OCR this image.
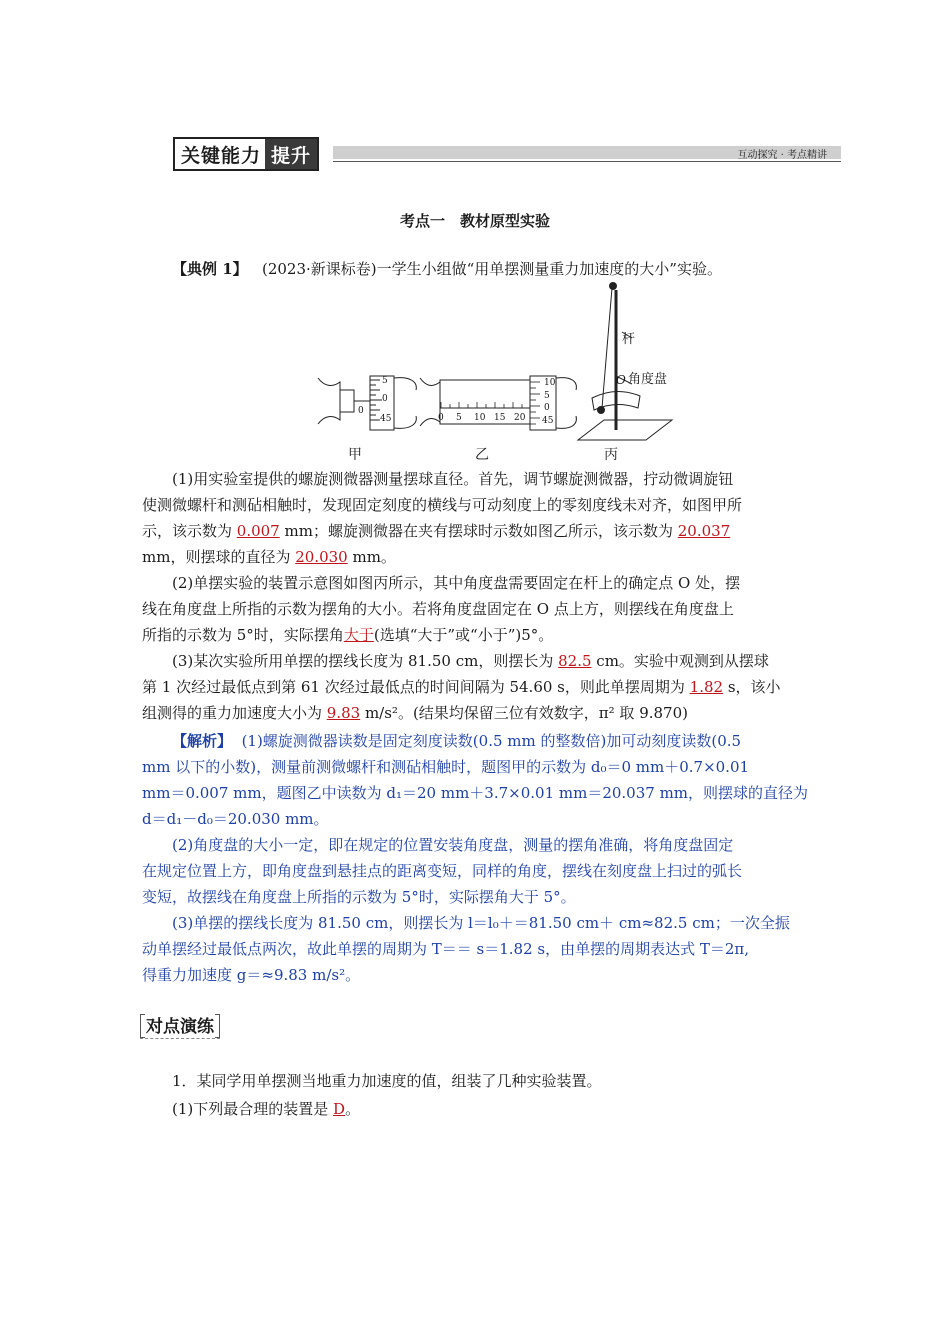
关键能力 提升	互动探究 · 考点精讲
考点一　教材原型实验
【典例 1】 (2023·新课标卷)一学生小组做“用单摆测量重力加速度的大小”实验。
甲	乙	丙
杆
O 角度盘
5
0
45
0
0 5 10 15 20
10
5
0
45
(1)用实验室提供的螺旋测微器测量摆球直径。首先，调节螺旋测微器，拧动微调旋钮
使测微螺杆和测砧相触时，发现固定刻度的横线与可动刻度上的零刻度线未对齐，如图甲所
示，该示数为 0.007 mm；螺旋测微器在夹有摆球时示数如图乙所示，该示数为 20.037
mm，则摆球的直径为 20.030 mm。
(2)单摆实验的装置示意图如图丙所示，其中角度盘需要固定在杆上的确定点 O 处，摆
线在角度盘上所指的示数为摆角的大小。若将角度盘固定在 O 点上方，则摆线在角度盘上
所指的示数为 5°时，实际摆角大于(选填“大于”或“小于”)5°。
(3)某次实验所用单摆的摆线长度为 81.50 cm，则摆长为 82.5 cm。实验中观测到从摆球
第 1 次经过最低点到第 61 次经过最低点的时间间隔为 54.60 s，则此单摆周期为 1.82 s，该小
组测得的重力加速度大小为 9.83 m/s²。(结果均保留三位有效数字，π² 取 9.870)
【解析】 (1)螺旋测微器读数是固定刻度读数(0.5 mm 的整数倍)加可动刻度读数(0.5
mm 以下的小数)，测量前测微螺杆和测砧相触时，题图甲的示数为 d₀＝0 mm＋0.7×0.01
mm＝0.007 mm，题图乙中读数为 d₁＝20 mm＋3.7×0.01 mm＝20.037 mm，则摆球的直径为
d＝d₁－d₀＝20.030 mm。
(2)角度盘的大小一定，即在规定的位置安装角度盘，测量的摆角准确，将角度盘固定
在规定位置上方，即角度盘到悬挂点的距离变短，同样的角度，摆线在刻度盘上扫过的弧长
变短，故摆线在角度盘上所指的示数为 5°时，实际摆角大于 5°。
(3)单摆的摆线长度为 81.50 cm，则摆长为 l＝l₀＋＝81.50 cm＋ cm≈82.5 cm；一次全振
动单摆经过最低点两次，故此单摆的周期为 T＝＝ s＝1.82 s，由单摆的周期表达式 T＝2π,
得重力加速度 g＝≈9.83 m/s²。
对点演练
1．某同学用单摆测当地重力加速度的值，组装了几种实验装置。
(1)下列最合理的装置是 D。
